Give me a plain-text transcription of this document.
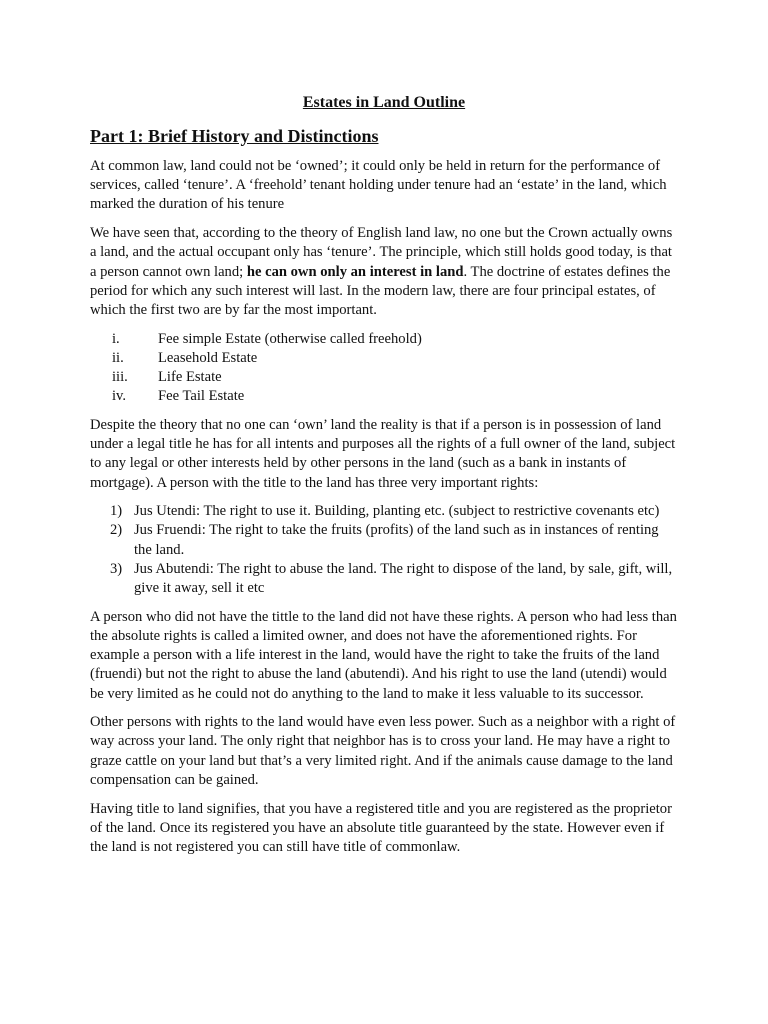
Estates in Land Outline
Part 1: Brief History and Distinctions

At common law, land could not be ‘owned’; it could only be held in return for the performance of services, called ‘tenure’. A ‘freehold’ tenant holding under tenure had an ‘estate’ in the land, which marked the duration of his tenure

We have seen that, according to the theory of English land law, no one but the Crown actually owns a land, and the actual occupant only has ‘tenure’. The principle, which still holds good today, is that a person cannot own land; he can own only an interest in land. The doctrine of estates defines the period for which any such interest will last. In the modern law, there are four principal estates, of which the first two are by far the most important.

i.	Fee simple Estate (otherwise called freehold)
ii.	Leasehold Estate
iii.	Life Estate
iv.	Fee Tail Estate

Despite the theory that no one can ‘own’ land the reality is that if a person is in possession of land under a legal title he has for all intents and purposes all the rights of a full owner of the land, subject to any legal or other interests held by other persons in the land (such as a bank in instants of mortgage). A person with the title to the land has three very important rights:

1) Jus Utendi: The right to use it. Building, planting etc. (subject to restrictive covenants etc)
2) Jus Fruendi: The right to take the fruits (profits) of the land such as in instances of renting the land.
3) Jus Abutendi: The right to abuse the land. The right to dispose of the land, by sale, gift, will, give it away, sell it etc

A person who did not have the tittle to the land did not have these rights. A person who had less than the absolute rights is called a limited owner, and does not have the aforementioned rights. For example a person with a life interest in the land, would have the right to take the fruits of the land (fruendi) but not the right to abuse the land (abutendi). And his right to use the land (utendi) would be very limited as he could not do anything to the land to make it less valuable to its successor.

Other persons with rights to the land would have even less power. Such as a neighbor with a right of way across your land. The only right that neighbor has is to cross your land. He may have a right to graze cattle on your land but that’s a very limited right. And if the animals cause damage to the land compensation can be gained.

Having title to land signifies, that you have a registered title and you are registered as the proprietor of the land. Once its registered you have an absolute title guaranteed by the state. However even if the land is not registered you can still have title of commonlaw.
